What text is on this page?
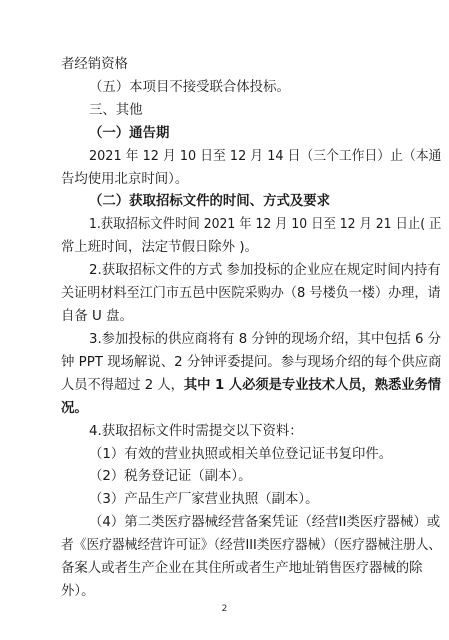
者经销资格
（五）本项目不接受联合体投标。
三、其他
（一）通告期
2021 年 12 月 10 日至 12 月 14 日（三个工作日）止（本通
告均使用北京时间）。
（二）获取招标文件的时间、方式及要求
1.获取招标文件时间 2021 年 12 月 10 日至 12 月 21 日止( 正
常上班时间，法定节假日除外 )。
2.获取招标文件的方式 参加投标的企业应在规定时间内持有
关证明材料至江门市五邑中医院采购办（8 号楼负一楼）办理，请
自备 U 盘。
3.参加投标的供应商将有 8 分钟的现场介绍，其中包括 6 分
钟 PPT 现场解说、2 分钟评委提问。参与现场介绍的每个供应商
人员不得超过 2 人，其中 1 人必须是专业技术人员，熟悉业务情
况。
4.获取招标文件时需提交以下资料：
（1）有效的营业执照或相关单位登记证书复印件。
（2）税务登记证（副本）。
（3）产品生产厂家营业执照（副本）。
（4）第二类医疗器械经营备案凭证（经营II类医疗器械）或
者《医疗器械经营许可证》（经营III类医疗器械）（医疗器械注册人、
备案人或者生产企业在其住所或者生产地址销售医疗器械的除
外）。
2
